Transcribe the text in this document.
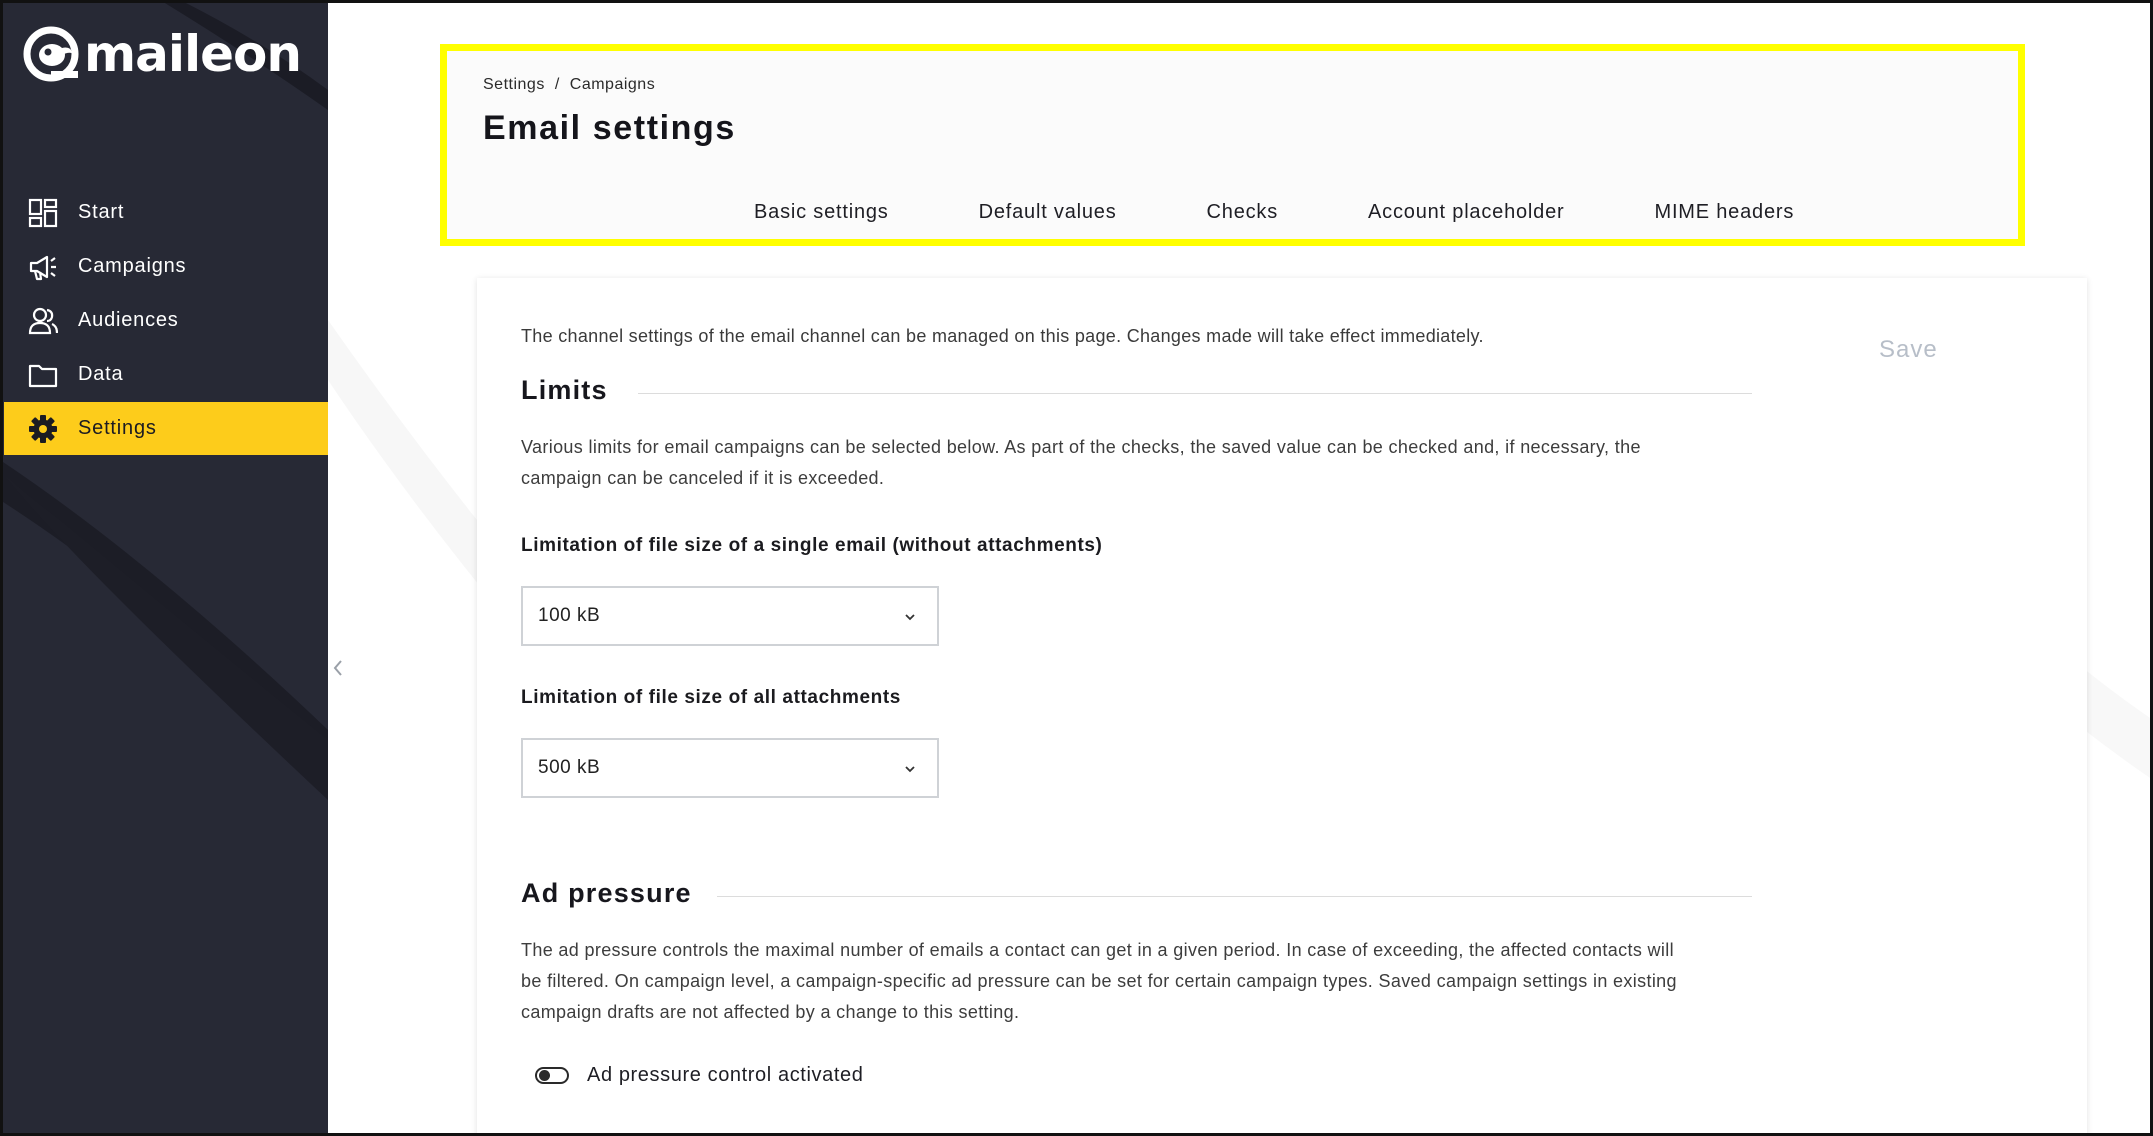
maileon
Start
Campaigns
Audiences
Data
Settings
Settings / Campaigns
Email settings
Basic settings	Default values	Checks	Account placeholder	MIME headers

The channel settings of the email channel can be managed on this page. Changes made will take effect immediately.	Save
Limits
Various limits for email campaigns can be selected below. As part of the checks, the saved value can be checked and, if necessary, the
campaign can be canceled if it is exceeded.
Limitation of file size of a single email (without attachments)
100 kB
Limitation of file size of all attachments
500 kB
Ad pressure
The ad pressure controls the maximal number of emails a contact can get in a given period. In case of exceeding, the affected contacts will
be filtered. On campaign level, a campaign-specific ad pressure can be set for certain campaign types. Saved campaign settings in existing
campaign drafts are not affected by a change to this setting.
Ad pressure control activated
